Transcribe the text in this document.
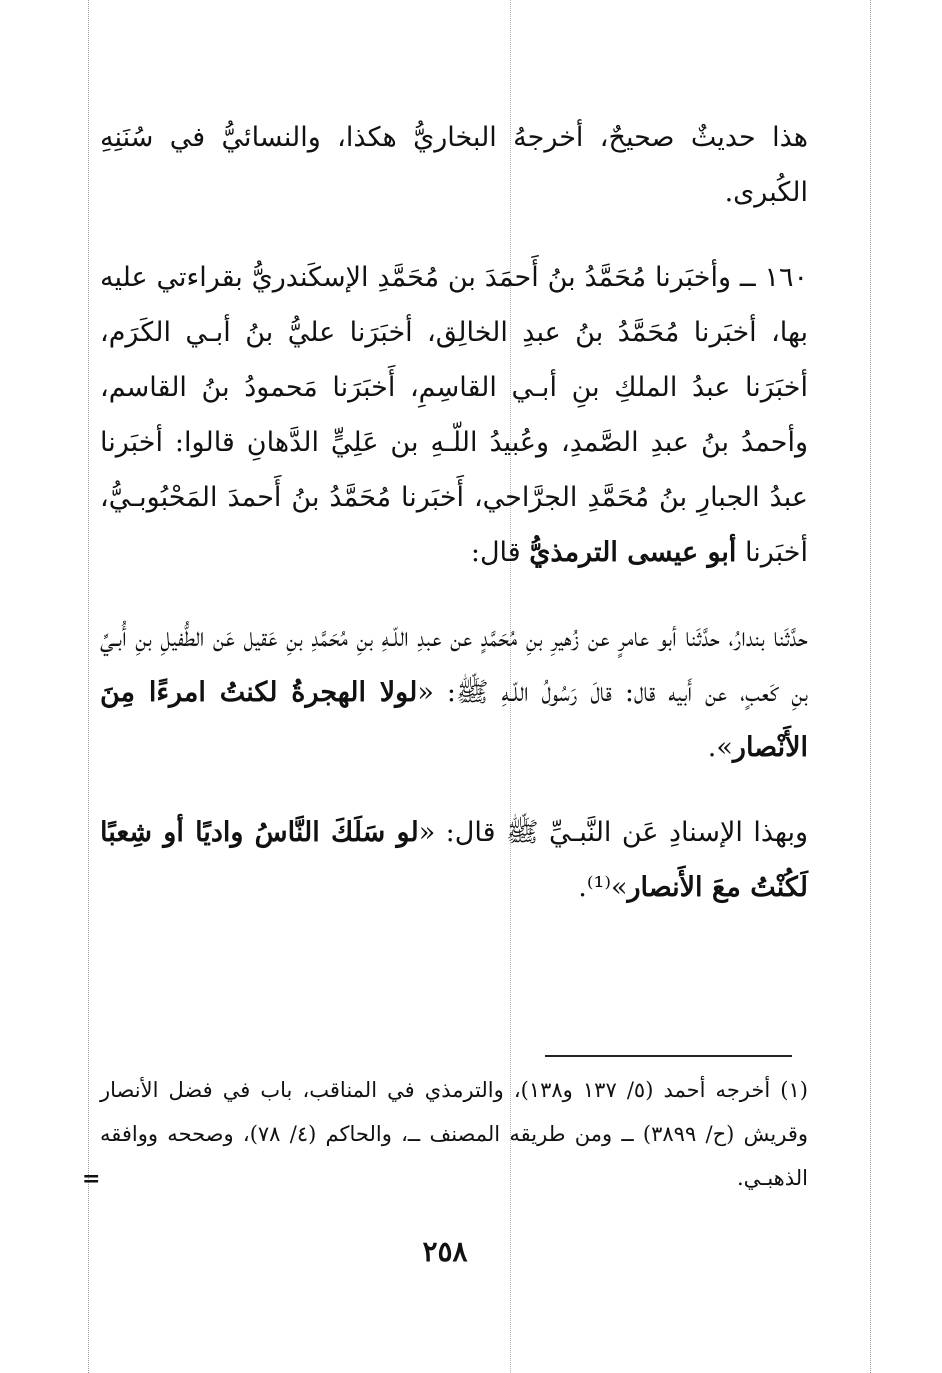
هذا حديثٌ صحيحٌ، أخرجهُ البخاريُّ هكذا، والنسائيُّ في سُنَنِهِ الكُبرى.

١٦٠ ــ وأخبَرنا مُحَمَّدُ بنُ أَحمَدَ بن مُحَمَّدِ الإسكَندريُّ بقراءتي عليه بها، أخبَرنا مُحَمَّدُ بنُ عبدِ الخالِق، أخبَرَنا عليُّ بنُ أبـي الكَرَم، أخبَرَنا عبدُ الملكِ بنِ أبـي القاسِمِ، أَخبَرَنا مَحمودُ بنُ القاسم، وأحمدُ بنُ عبدِ الصَّمدِ، وعُبيدُ اللّـهِ بن عَلِيٍّ الدَّهانِ قالوا: أخبَرنا عبدُ الجبارِ بنُ مُحَمَّدِ الجرَّاحي، أَخبَرنا مُحَمَّدُ بنُ أَحمدَ المَحْبُوبـيُّ، أخبَرنا أبو عيسى الترمذيُّ قال:

حدَّثَنا بندارُ، حدَّثَنا أبو عامرٍ عن زُهيرِ بنِ مُحَمَّدٍ عن عبدِ اللّـهِ بنِ مُحَمَّدِ بنِ عَقيل عَن الطُّفيلِ بنِ أُبـيِّ بنِ كَعبٍ، عن أَبيه قال: قالَ رَسُولُ اللّـهِ ﷺ: «لولا الهجرةُ لكنتُ امرءًا مِنَ الأَنْصار».

وبهذا الإسنادِ عَن النَّبـيِّ ﷺ قال: «لو سَلَكَ النَّاسُ واديًا أو شِعبًا لَكُنْتُ معَ الأَنصار»⁽¹⁾.

(١) أخرجه أحمد (٥/ ١٣٧ و١٣٨)، والترمذي في المناقب، باب في فضل الأنصار وقريش (ح/ ٣٨٩٩) ــ ومن طريقه المصنف ــ، والحاكم (٤/ ٧٨)، وصححه ووافقه الذهبـي.

=
٢٥٨
